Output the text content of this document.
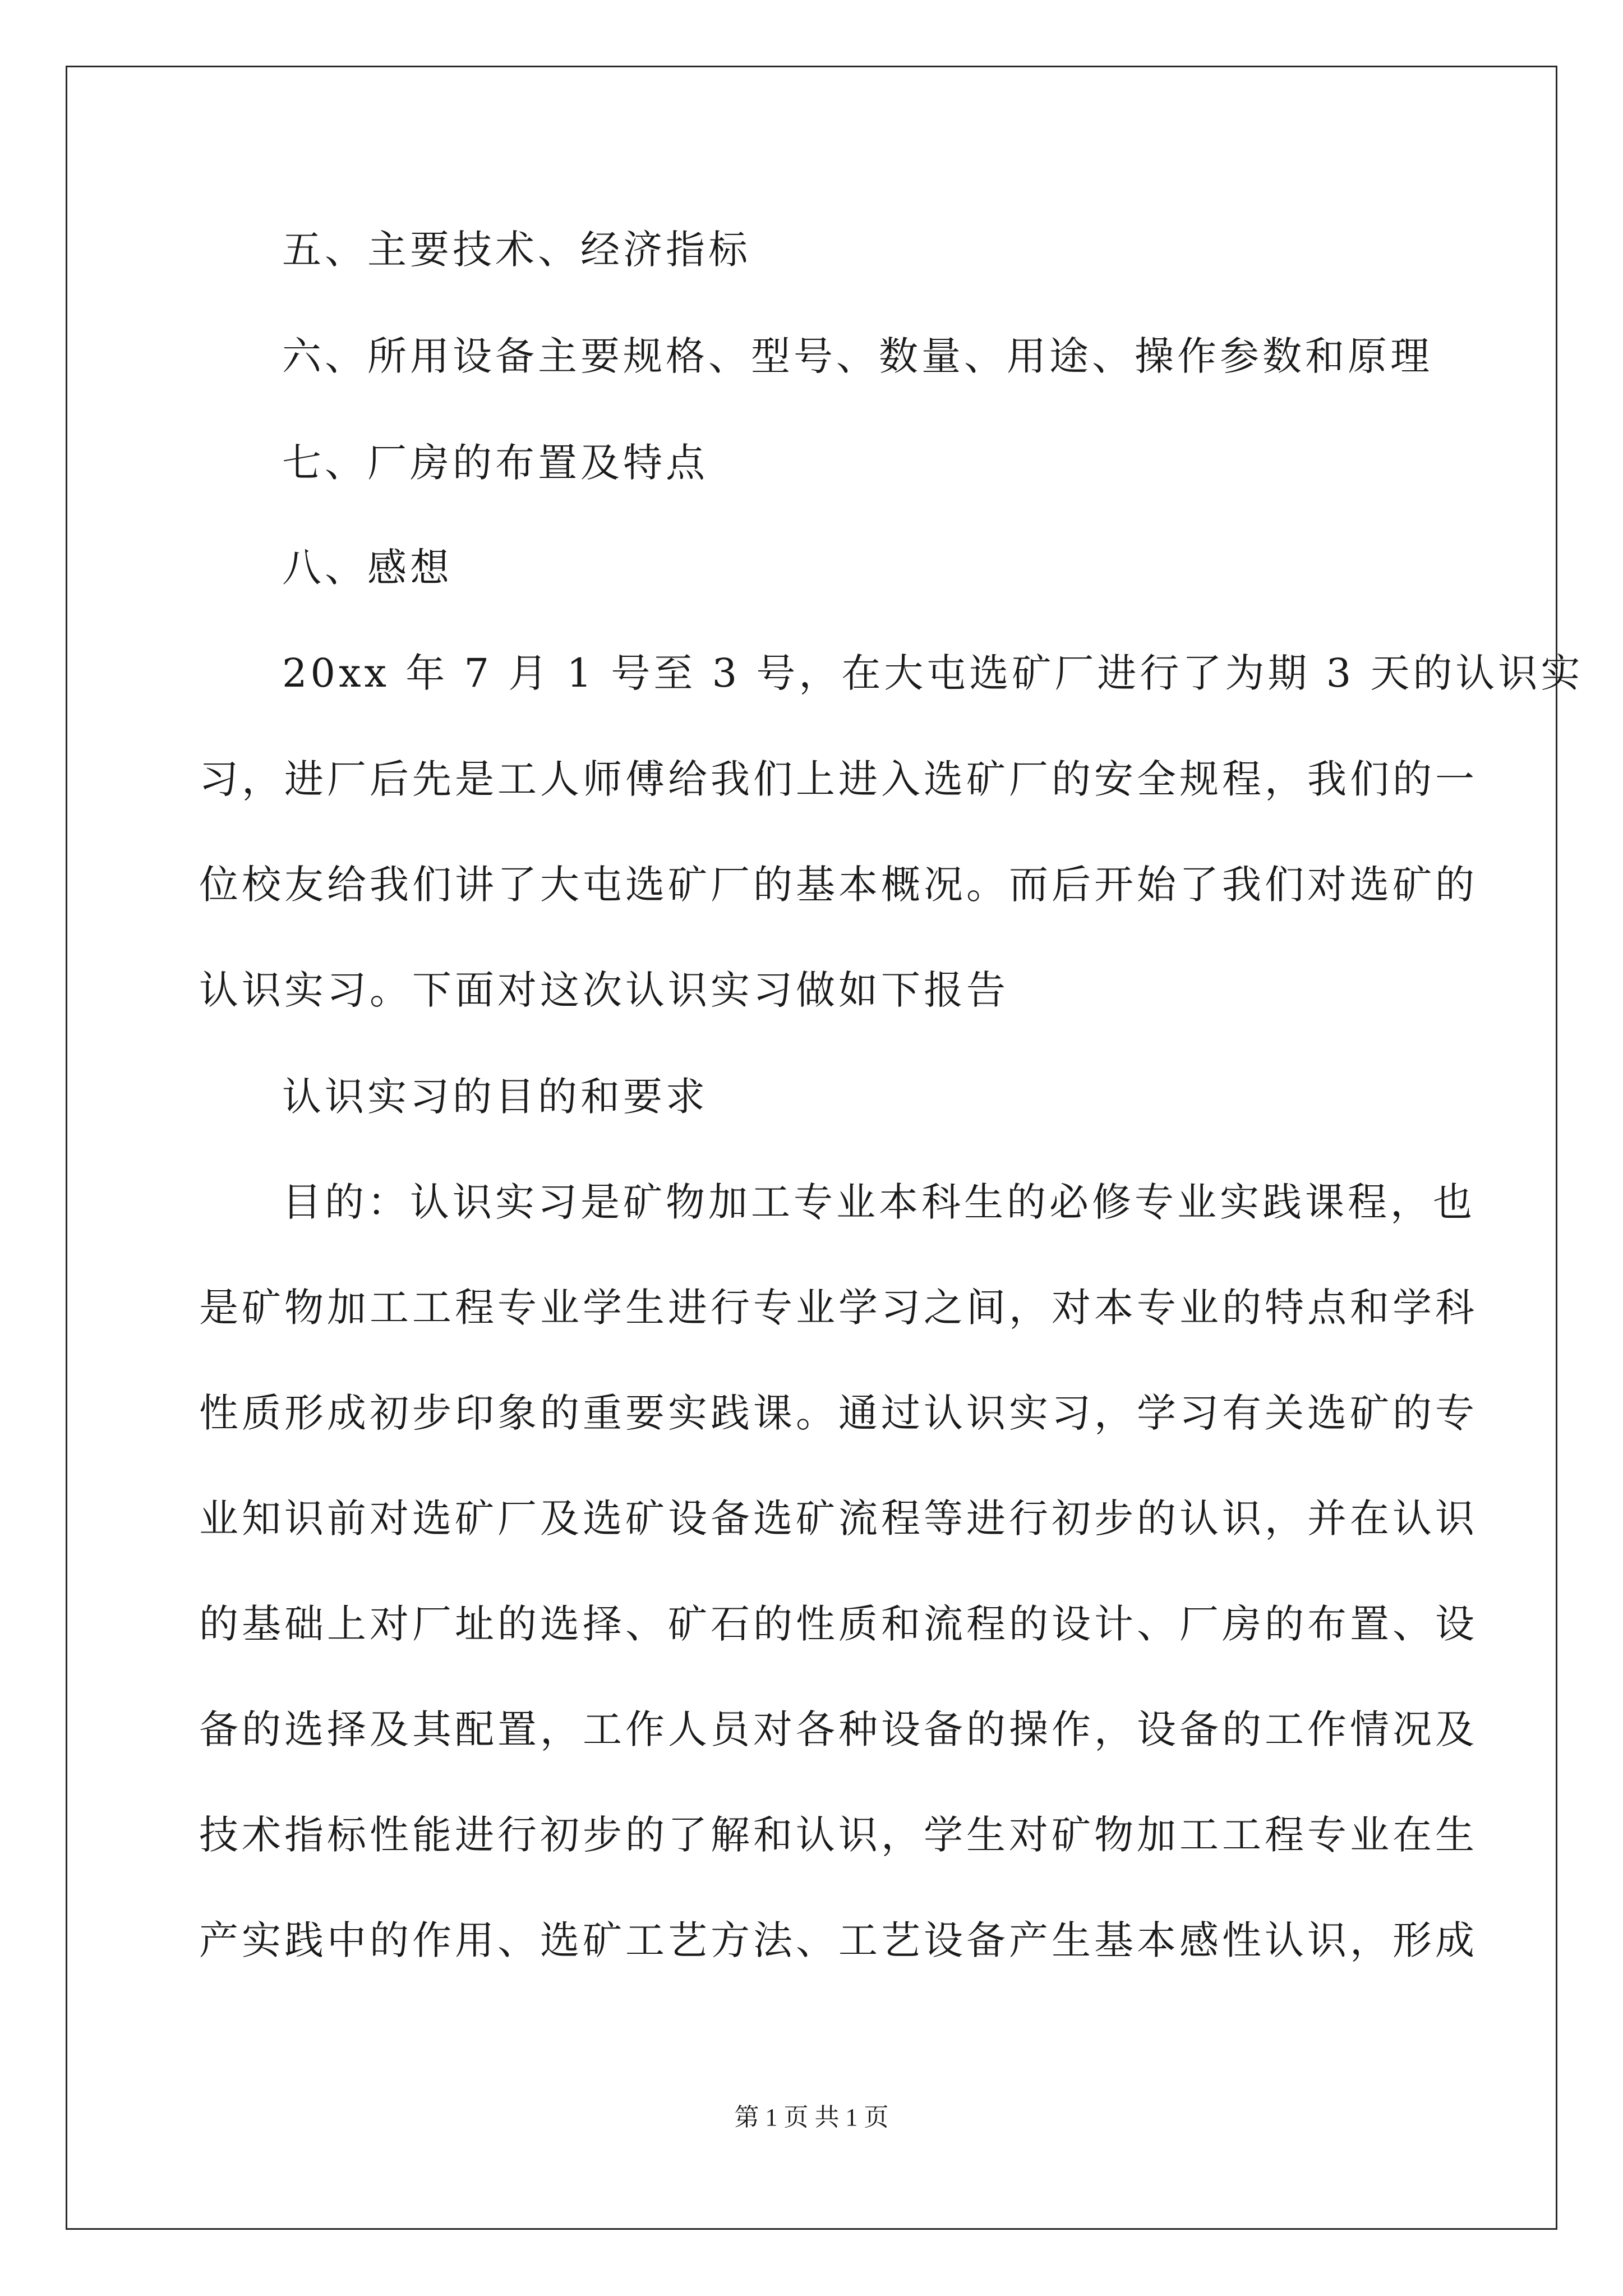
五、主要技术、经济指标
六、所用设备主要规格、型号、数量、用途、操作参数和原理
七、厂房的布置及特点
八、感想
20xx 年 7 月 1 号至 3 号，在大屯选矿厂进行了为期 3 天的认识实
习，进厂后先是工人师傅给我们上进入选矿厂的安全规程，我们的一
位校友给我们讲了大屯选矿厂的基本概况。而后开始了我们对选矿的
认识实习。下面对这次认识实习做如下报告
认识实习的目的和要求
目的：认识实习是矿物加工专业本科生的必修专业实践课程，也
是矿物加工工程专业学生进行专业学习之间，对本专业的特点和学科
性质形成初步印象的重要实践课。通过认识实习，学习有关选矿的专
业知识前对选矿厂及选矿设备选矿流程等进行初步的认识，并在认识
的基础上对厂址的选择、矿石的性质和流程的设计、厂房的布置、设
备的选择及其配置，工作人员对各种设备的操作，设备的工作情况及
技术指标性能进行初步的了解和认识，学生对矿物加工工程专业在生
产实践中的作用、选矿工艺方法、工艺设备产生基本感性认识，形成
第 1 页 共 1 页
